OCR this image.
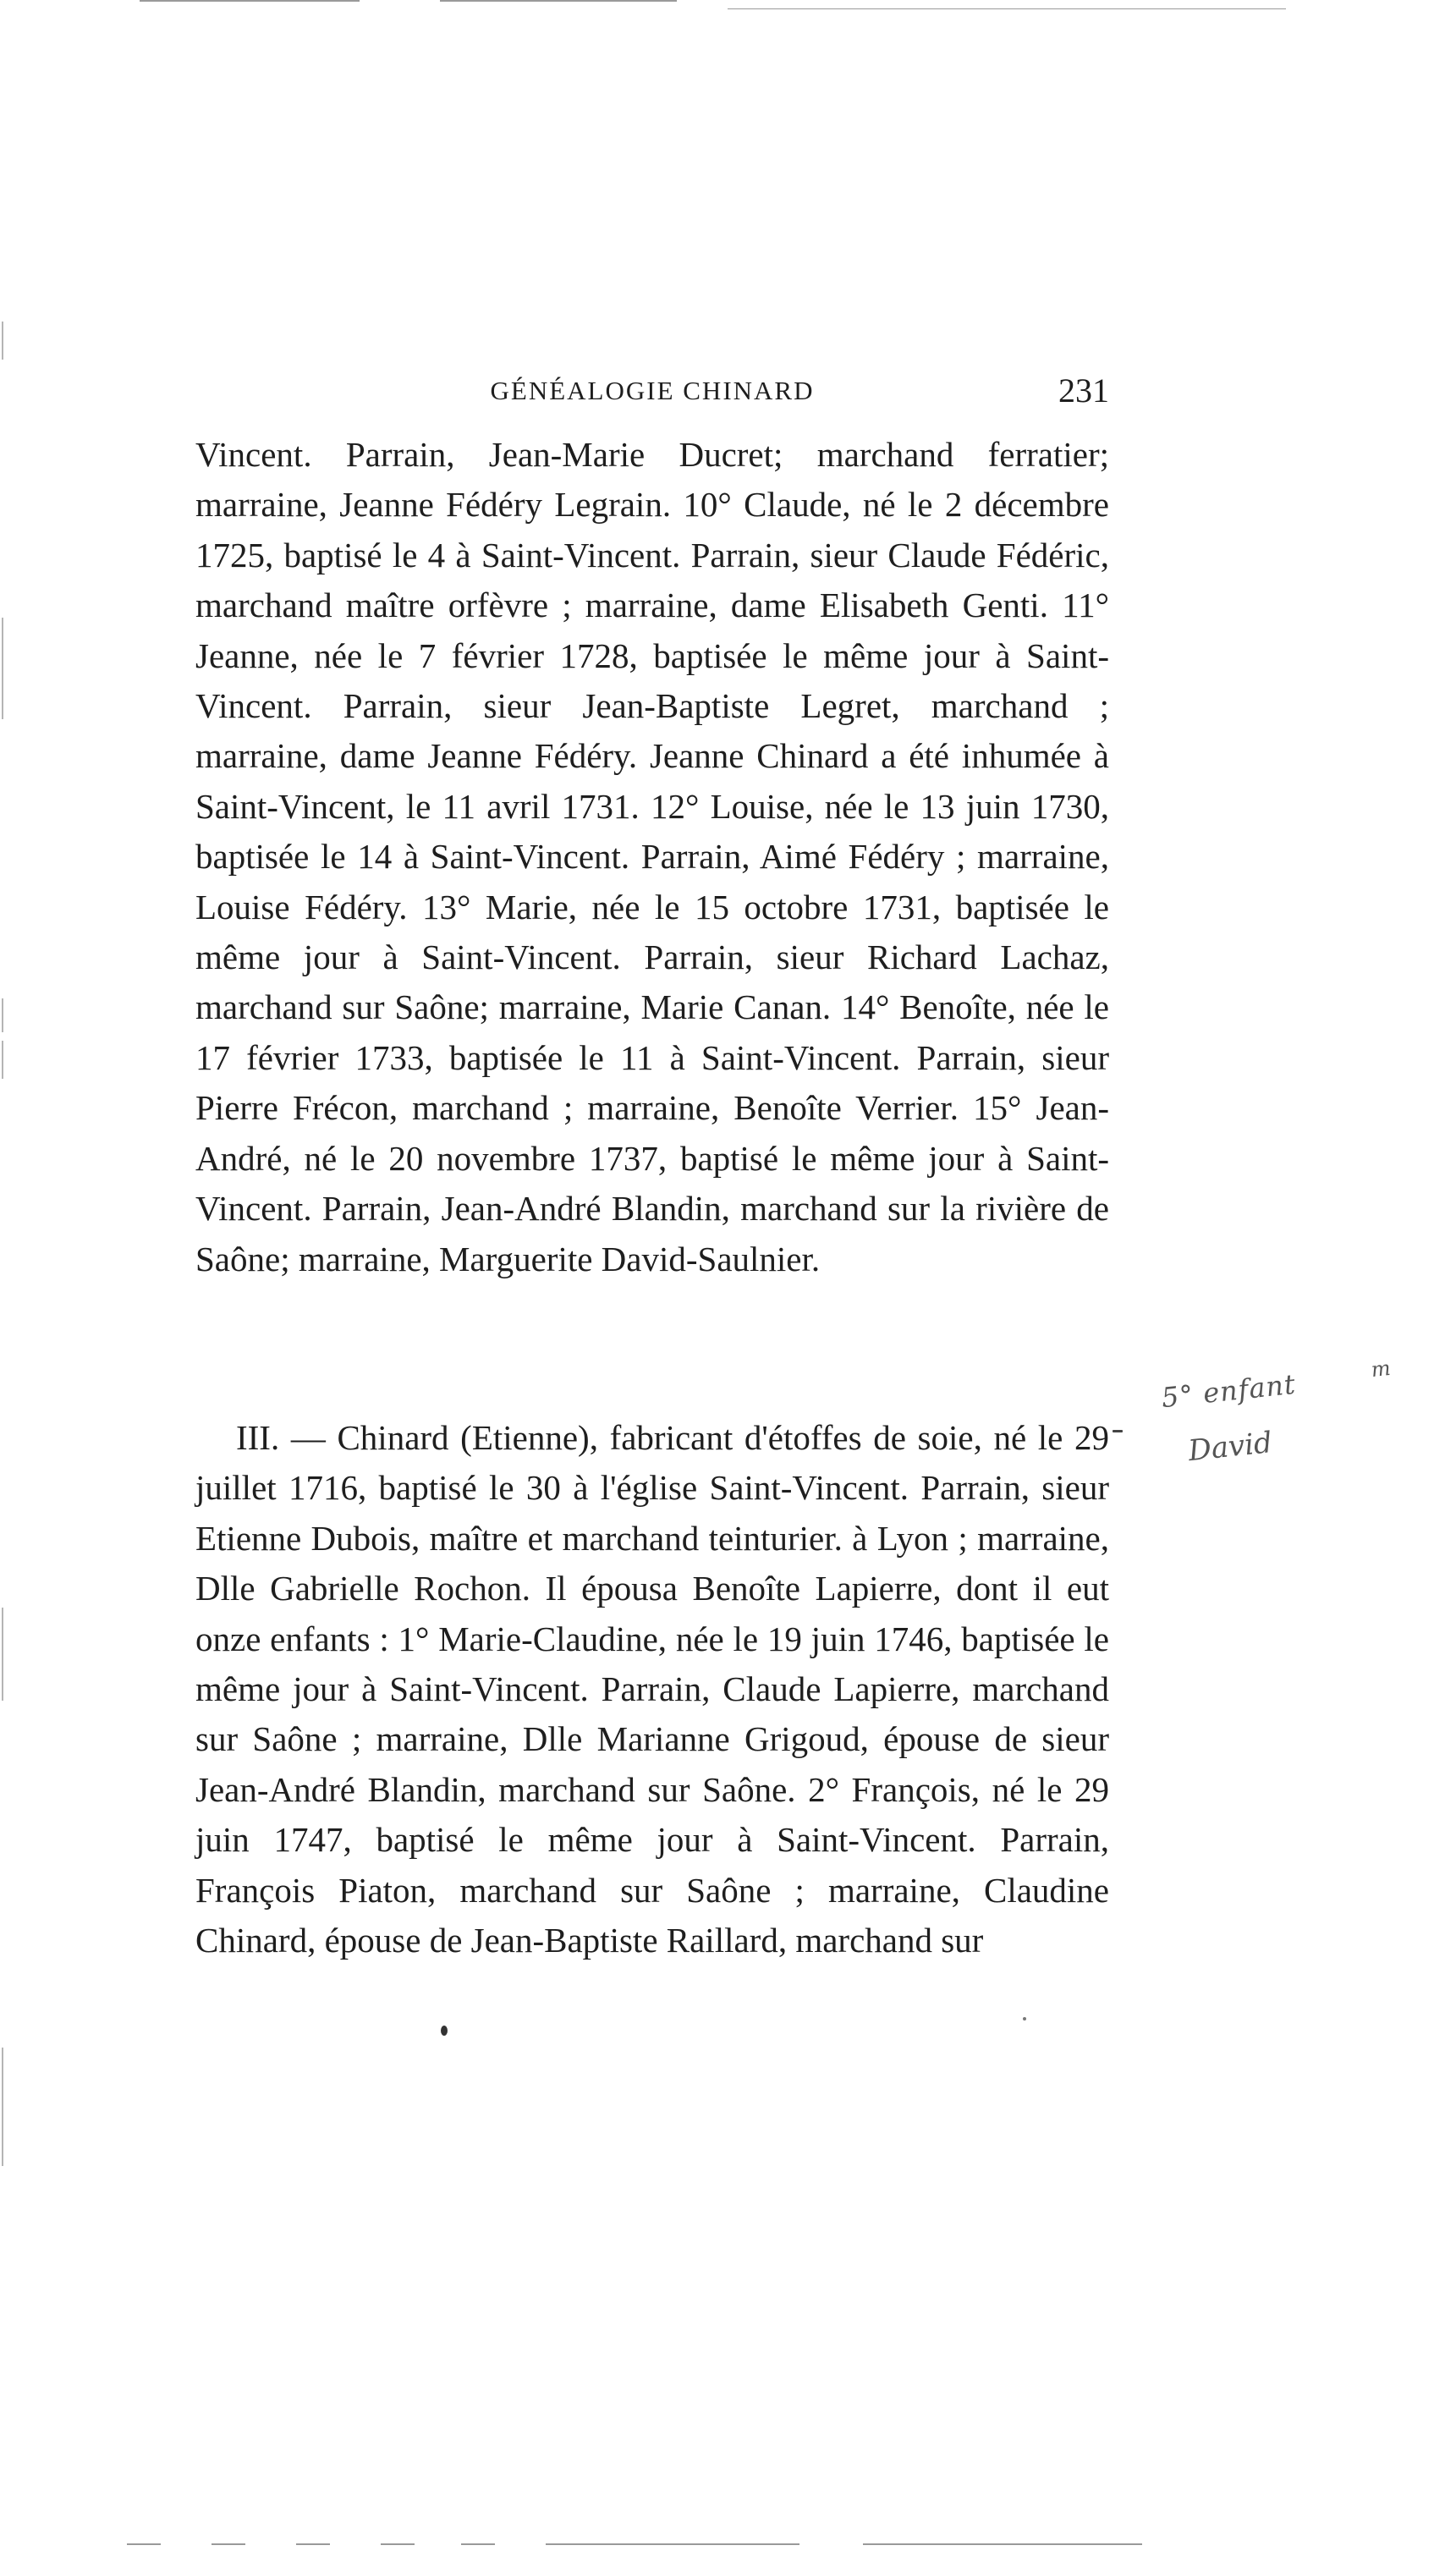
GÉNÉALOGIE CHINARD	231

Vincent. Parrain, Jean-Marie Ducret; marchand ferratier; marraine, Jeanne Fédéry Legrain. 10° Claude, né le 2 décembre 1725, baptisé le 4 à Saint-Vincent. Parrain, sieur Claude Fédéric, marchand maître orfèvre ; marraine, dame Elisabeth Genti. 11° Jeanne, née le 7 février 1728, baptisée le même jour à Saint-Vincent. Parrain, sieur Jean-Baptiste Legret, marchand ; marraine, dame Jeanne Fédéry. Jeanne Chinard a été inhumée à Saint-Vincent, le 11 avril 1731. 12° Louise, née le 13 juin 1730, baptisée le 14 à Saint-Vincent. Parrain, Aimé Fédéry ; marraine, Louise Fédéry. 13° Marie, née le 15 octobre 1731, baptisée le même jour à Saint-Vincent. Parrain, sieur Richard Lachaz, marchand sur Saône; marraine, Marie Canan. 14° Benoîte, née le 17 février 1733, baptisée le 11 à Saint-Vincent. Parrain, sieur Pierre Frécon, marchand ; marraine, Benoîte Verrier. 15° Jean-André, né le 20 novembre 1737, baptisé le même jour à Saint-Vincent. Parrain, Jean-André Blandin, marchand sur la rivière de Saône; marraine, Marguerite David-Saulnier.

III. — Chinard (Etienne), fabricant d'étoffes de soie, né le 29 juillet 1716, baptisé le 30 à l'église Saint-Vincent. Parrain, sieur Etienne Dubois, maître et marchand teinturier. à Lyon ; marraine, Dlle Gabrielle Rochon. Il épousa Benoîte Lapierre, dont il eut onze enfants : 1° Marie-Claudine, née le 19 juin 1746, baptisée le même jour à Saint-Vincent. Parrain, Claude Lapierre, marchand sur Saône ; marraine, Dlle Marianne Grigoud, épouse de sieur Jean-André Blandin, marchand sur Saône. 2° François, né le 29 juin 1747, baptisé le même jour à Saint-Vincent. Parrain, François Piaton, marchand sur Saône ; marraine, Claudine Chinard, épouse de Jean-Baptiste Raillard, marchand sur

5° enfant	m
David
